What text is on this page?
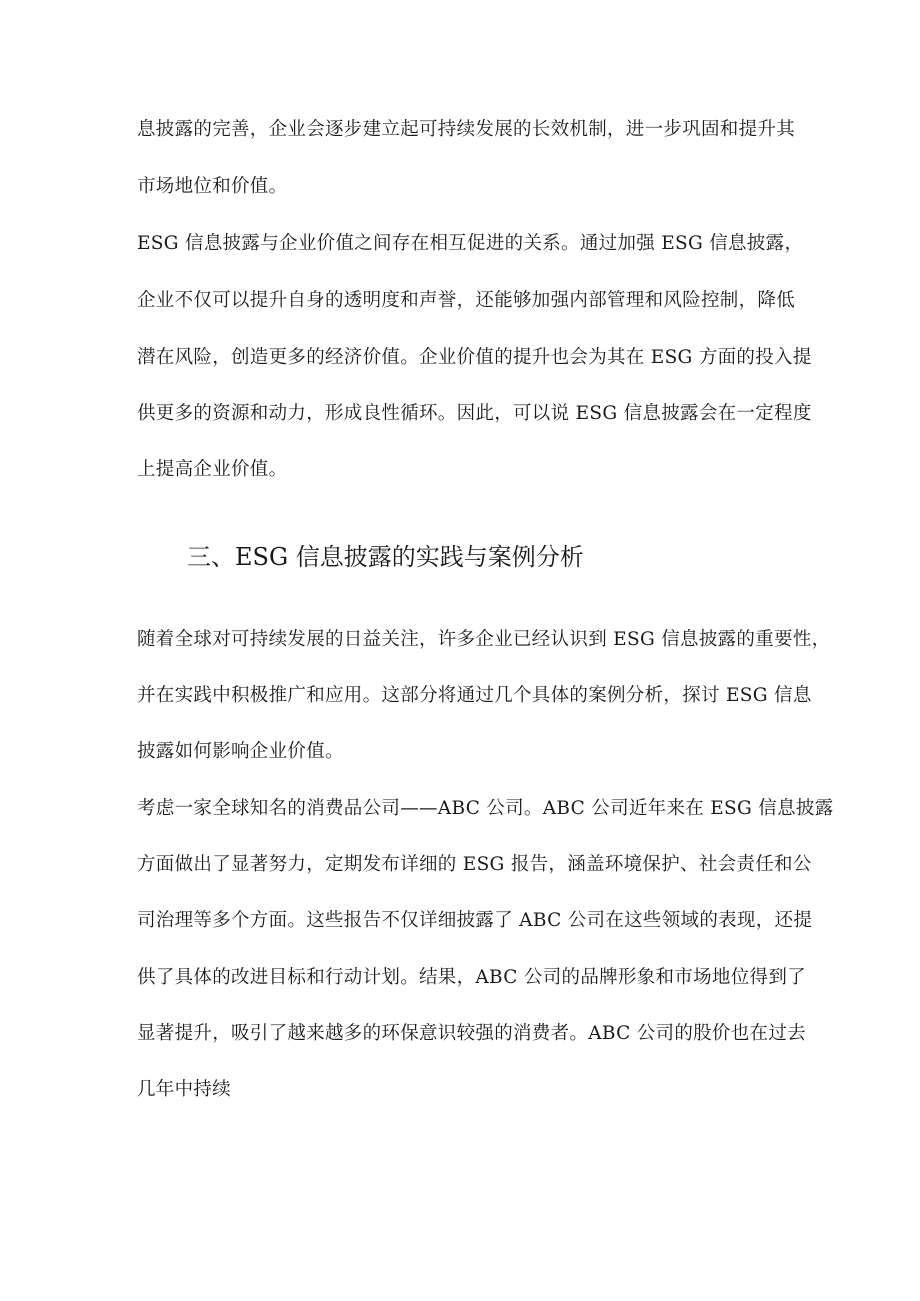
息披露的完善，企业会逐步建立起可持续发展的长效机制，进一步巩固和提升其
市场地位和价值。
ESG 信息披露与企业价值之间存在相互促进的关系。通过加强 ESG 信息披露，
企业不仅可以提升自身的透明度和声誉，还能够加强内部管理和风险控制，降低
潜在风险，创造更多的经济价值。企业价值的提升也会为其在 ESG 方面的投入提
供更多的资源和动力，形成良性循环。因此，可以说 ESG 信息披露会在一定程度
上提高企业价值。
三、ESG 信息披露的实践与案例分析
随着全球对可持续发展的日益关注，许多企业已经认识到 ESG 信息披露的重要性，
并在实践中积极推广和应用。这部分将通过几个具体的案例分析，探讨 ESG 信息
披露如何影响企业价值。
考虑一家全球知名的消费品公司——ABC 公司。ABC 公司近年来在 ESG 信息披露
方面做出了显著努力，定期发布详细的 ESG 报告，涵盖环境保护、社会责任和公
司治理等多个方面。这些报告不仅详细披露了 ABC 公司在这些领域的表现，还提
供了具体的改进目标和行动计划。结果，ABC 公司的品牌形象和市场地位得到了
显著提升，吸引了越来越多的环保意识较强的消费者。ABC 公司的股价也在过去
几年中持续
